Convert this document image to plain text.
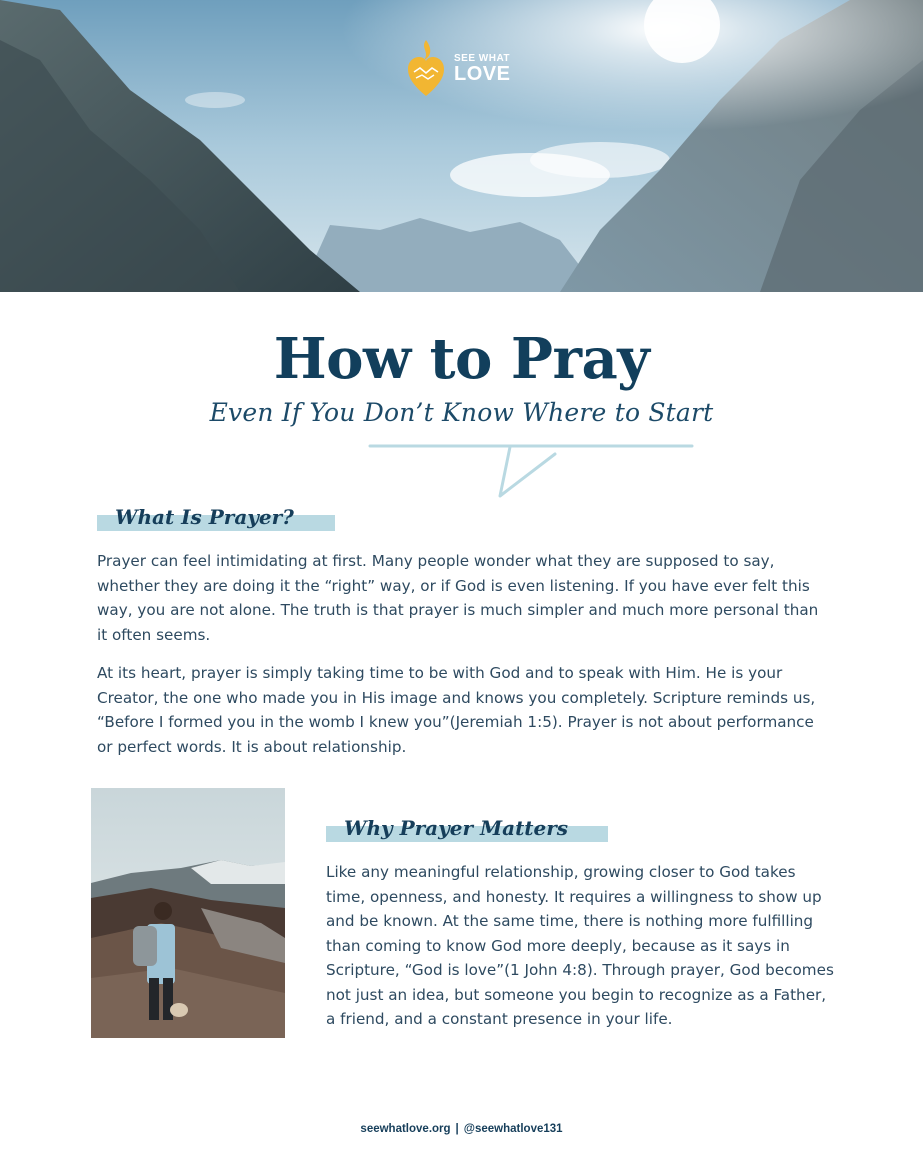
SEE WHAT
LOVE
How to Pray

Even If You Don’t Know Where to Start

What Is Prayer?

Prayer can feel intimidating at first. Many people wonder what they are supposed to say, whether they are doing it the “right” way, or if God is even listening. If you have ever felt this way, you are not alone. The truth is that prayer is much simpler and much more personal than it often seems.

At its heart, prayer is simply taking time to be with God and to speak with Him. He is your Creator, the one who made you in His image and knows you completely. Scripture reminds us, “Before I formed you in the womb I knew you”(Jeremiah 1:5). Prayer is not about performance or perfect words. It is about relationship.

Why Prayer Matters

Like any meaningful relationship, growing closer to God takes time, openness, and honesty. It requires a willingness to show up and be known. At the same time, there is nothing more fulfilling than coming to know God more deeply, because as it says in Scripture, “God is love”(1 John 4:8). Through prayer, God becomes not just an idea, but someone you begin to recognize as a Father, a friend, and a constant presence in your life.

seewhatlove.org | @seewhatlove131
